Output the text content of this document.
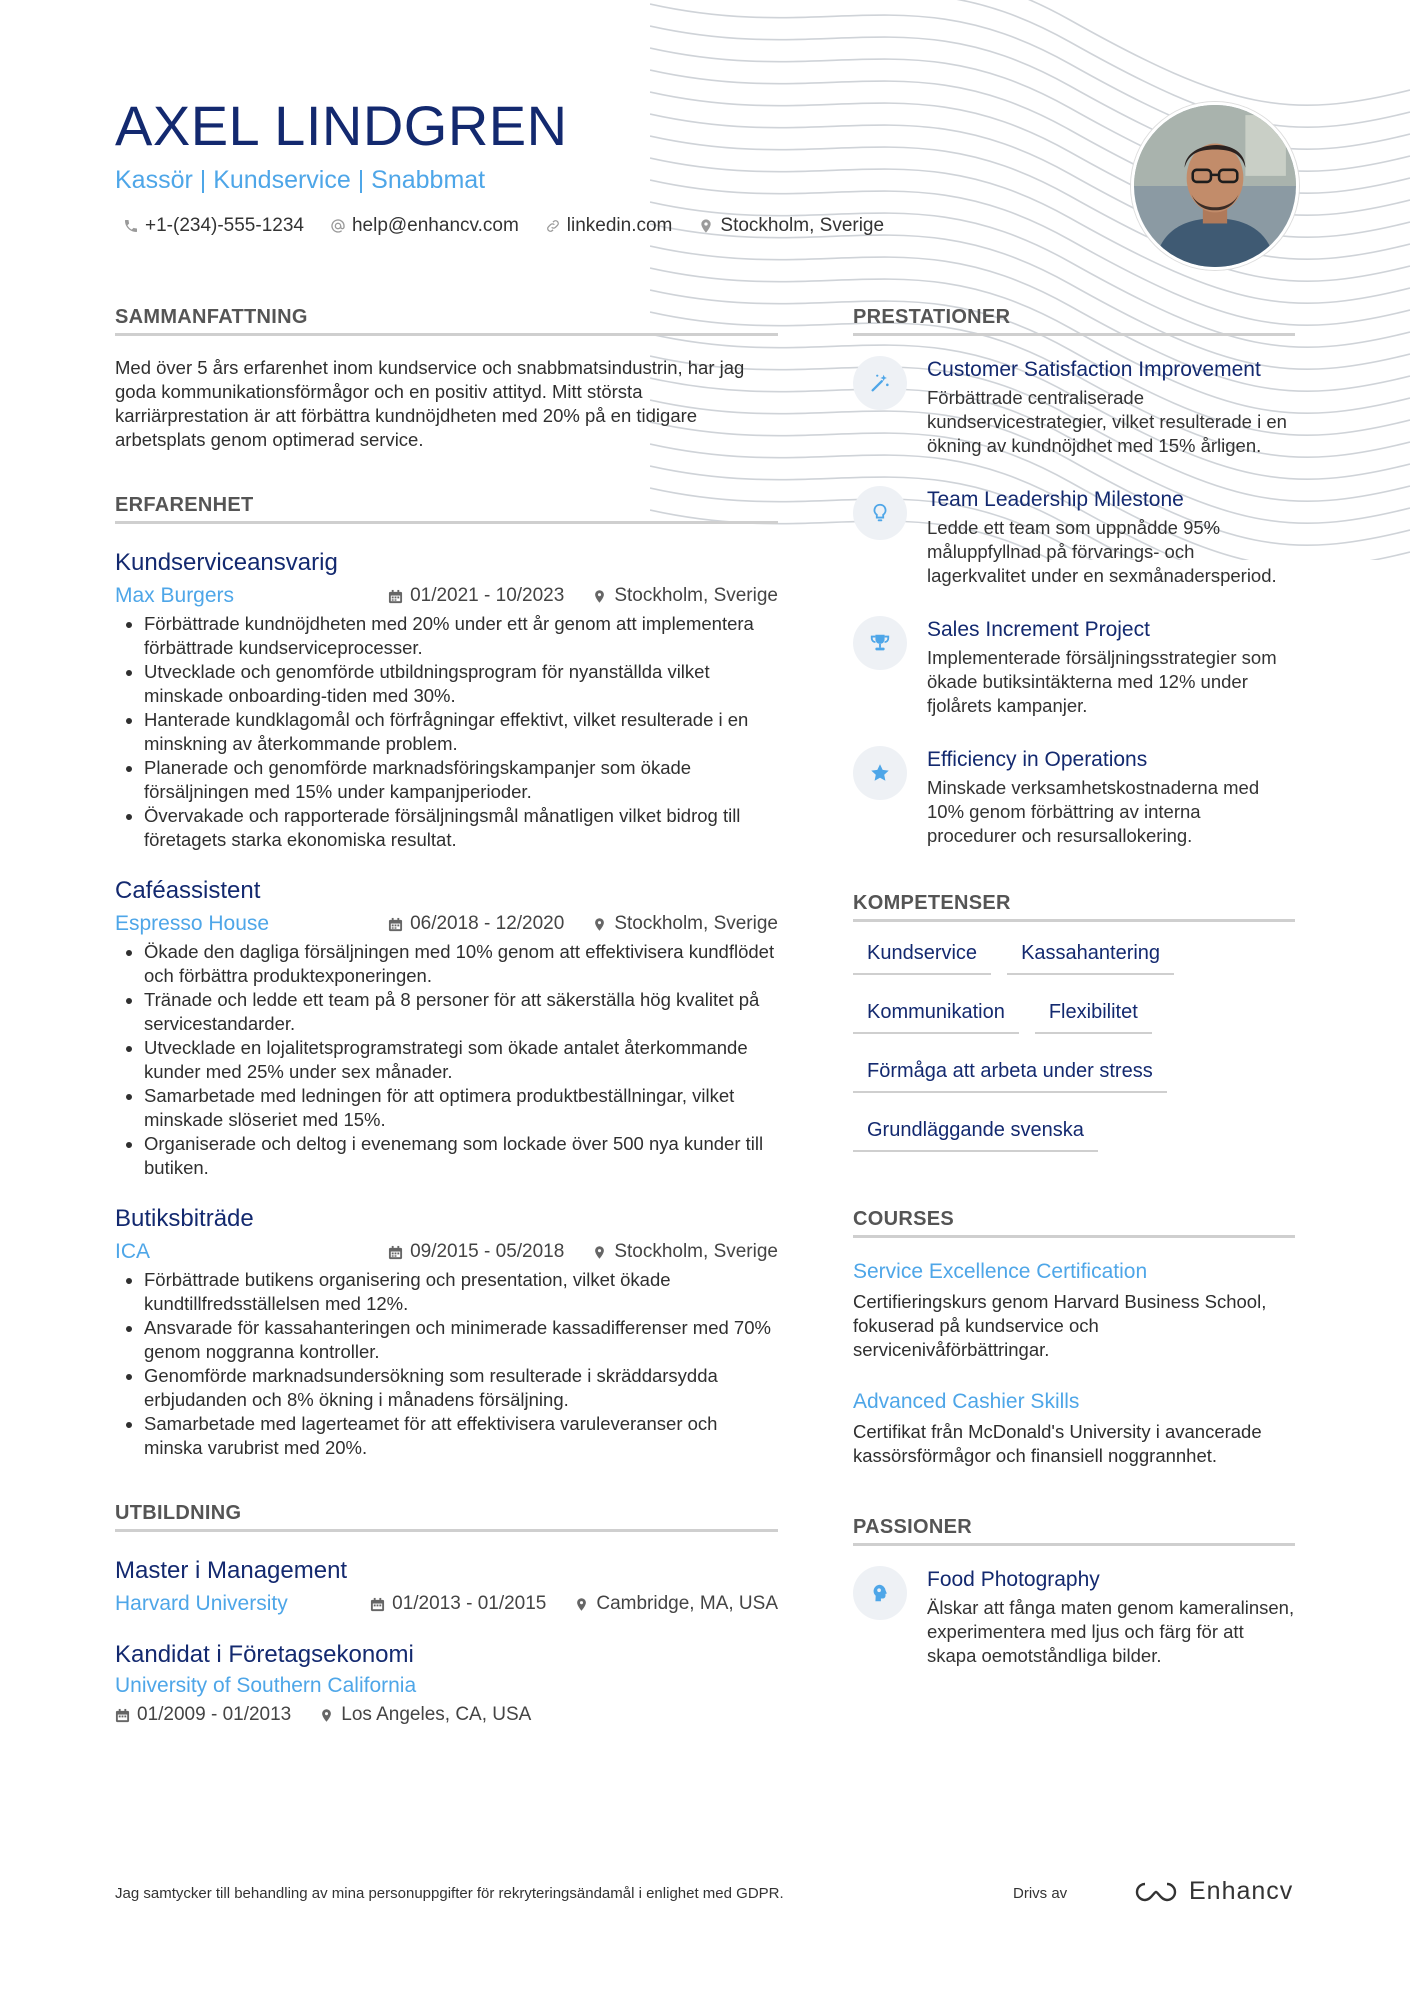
AXEL LINDGREN
Kassör | Kundservice | Snabbmat
+1-(234)-555-1234	help@enhancv.com	linkedin.com	Stockholm, Sverige
SAMMANFATTNING

Med över 5 års erfarenhet inom kundservice och snabbmatsindustrin, har jag goda kommunikationsförmågor och en positiv attityd. Mitt största karriärprestation är att förbättra kundnöjdheten med 20% på en tidigare arbetsplats genom optimerad service.

ERFARENHET
Kundserviceansvarig
Max Burgers	01/2021 - 10/2023	Stockholm, Sverige
• Förbättrade kundnöjdheten med 20% under ett år genom att implementera förbättrade kundserviceprocesser.
• Utvecklade och genomförde utbildningsprogram för nyanställda vilket minskade onboarding-tiden med 30%.
• Hanterade kundklagomål och förfrågningar effektivt, vilket resulterade i en minskning av återkommande problem.
• Planerade och genomförde marknadsföringskampanjer som ökade försäljningen med 15% under kampanjperioder.
• Övervakade och rapporterade försäljningsmål månatligen vilket bidrog till företagets starka ekonomiska resultat.
Caféassistent
Espresso House	06/2018 - 12/2020	Stockholm, Sverige
• Ökade den dagliga försäljningen med 10% genom att effektivisera kundflödet och förbättra produktexponeringen.
• Tränade och ledde ett team på 8 personer för att säkerställa hög kvalitet på servicestandarder.
• Utvecklade en lojalitetsprogramstrategi som ökade antalet återkommande kunder med 25% under sex månader.
• Samarbetade med ledningen för att optimera produktbeställningar, vilket minskade slöseriet med 15%.
• Organiserade och deltog i evenemang som lockade över 500 nya kunder till butiken.
Butiksbiträde
ICA	09/2015 - 05/2018	Stockholm, Sverige
• Förbättrade butikens organisering och presentation, vilket ökade kundtillfredsställelsen med 12%.
• Ansvarade för kassahanteringen och minimerade kassadifferenser med 70% genom noggranna kontroller.
• Genomförde marknadsundersökning som resulterade i skräddarsydda erbjudanden och 8% ökning i månadens försäljning.
• Samarbetade med lagerteamet för att effektivisera varuleveranser och minska varubrist med 20%.
UTBILDNING
Master i Management
Harvard University	01/2013 - 01/2015	Cambridge, MA, USA
Kandidat i Företagsekonomi
University of Southern California
01/2009 - 01/2013	Los Angeles, CA, USA
PRESTATIONER
Customer Satisfaction Improvement
Förbättrade centraliserade kundservicestrategier, vilket resulterade i en ökning av kundnöjdhet med 15% årligen.
Team Leadership Milestone
Ledde ett team som uppnådde 95% måluppfyllnad på förvarings- och lagerkvalitet under en sexmånadersperiod.
Sales Increment Project
Implementerade försäljningsstrategier som ökade butiksintäkterna med 12% under fjolårets kampanjer.
Efficiency in Operations
Minskade verksamhetskostnaderna med 10% genom förbättring av interna procedurer och resursallokering.
KOMPETENSER
Kundservice	Kassahantering
Kommunikation	Flexibilitet
Förmåga att arbeta under stress
Grundläggande svenska
COURSES
Service Excellence Certification
Certifieringskurs genom Harvard Business School, fokuserad på kundservice och servicenivåförbättringar.
Advanced Cashier Skills
Certifikat från McDonald's University i avancerade kassörsförmågor och finansiell noggrannhet.
PASSIONER
Food Photography
Älskar att fånga maten genom kameralinsen, experimentera med ljus och färg för att skapa oemotståndliga bilder.
Jag samtycker till behandling av mina personuppgifter för rekryteringsändamål i enlighet med GDPR.	Drivs av	Enhancv
